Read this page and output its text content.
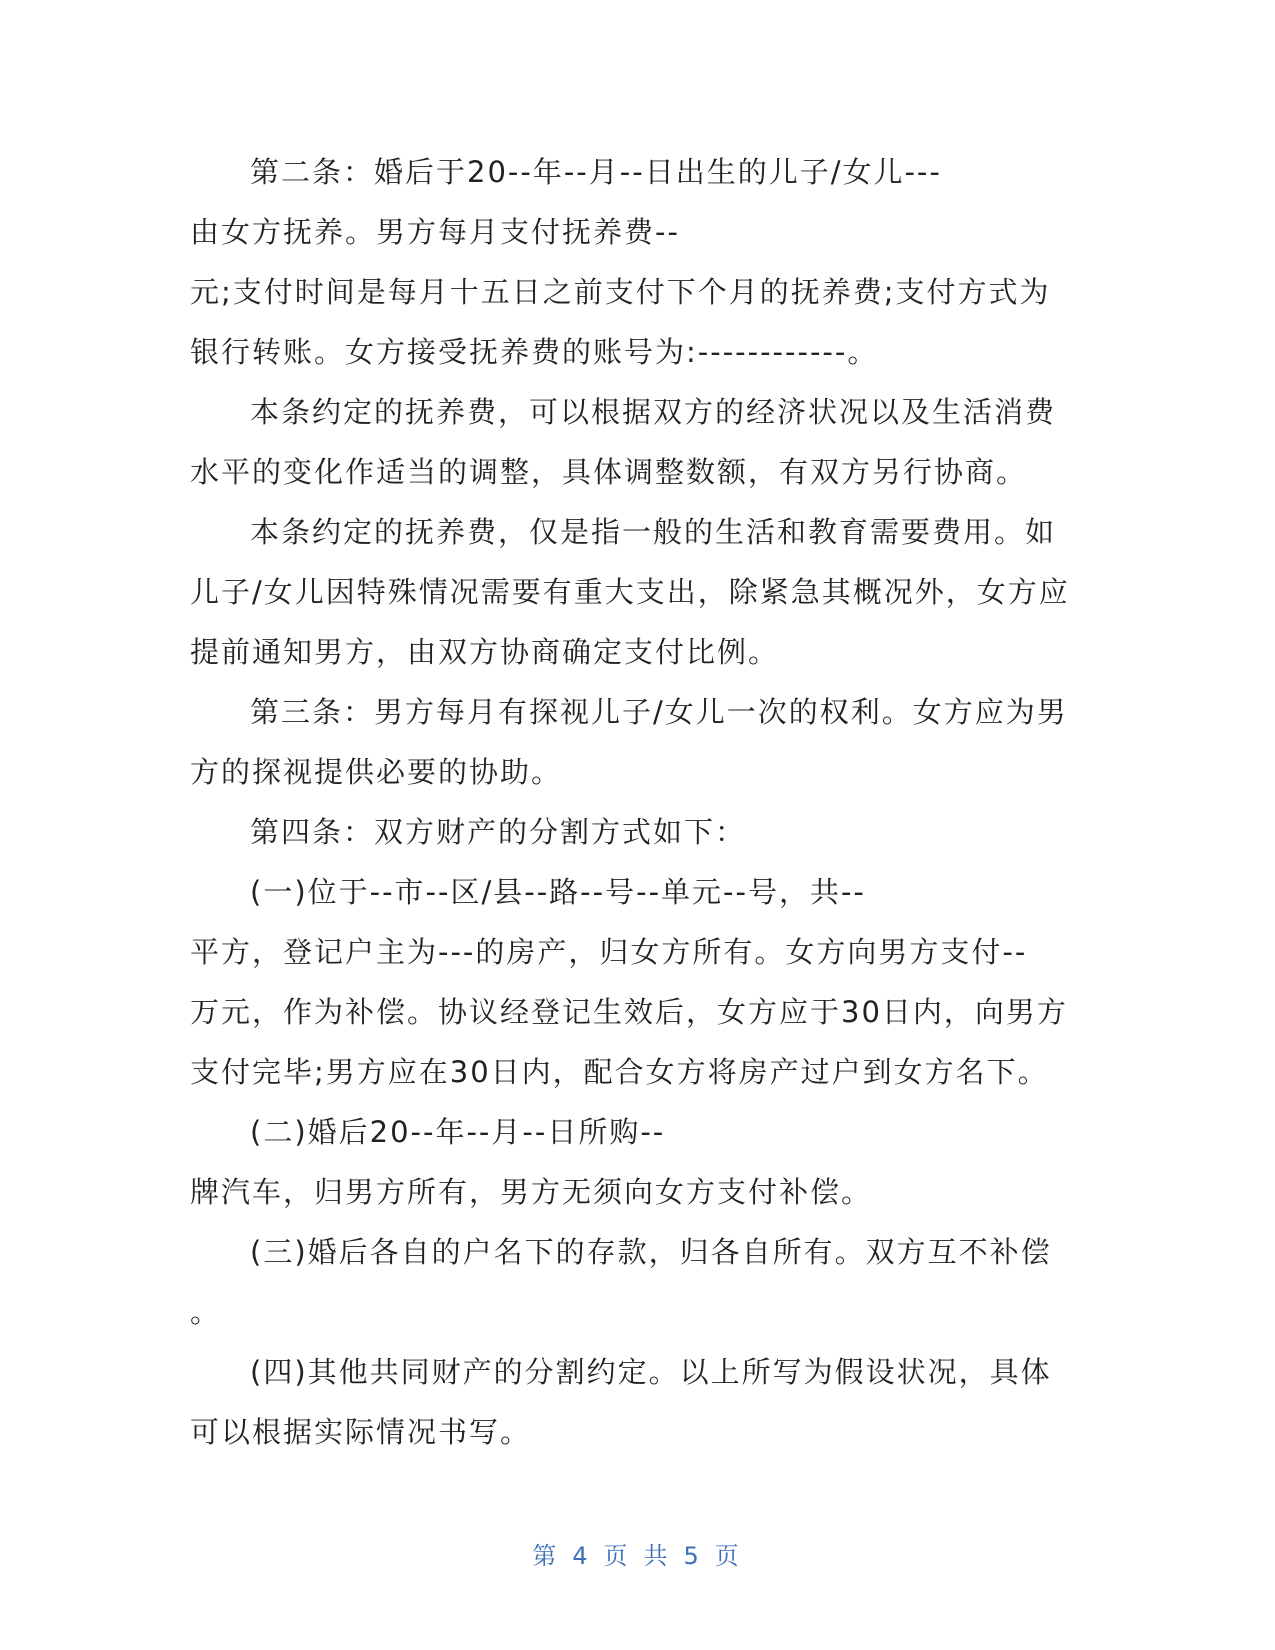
第二条：婚后于20--年--月--日出生的儿子/女儿---
由女方抚养。男方每月支付抚养费--
元;支付时间是每月十五日之前支付下个月的抚养费;支付方式为
银行转账。女方接受抚养费的账号为:------------。

本条约定的抚养费，可以根据双方的经济状况以及生活消费
水平的变化作适当的调整，具体调整数额，有双方另行协商。

本条约定的抚养费，仅是指一般的生活和教育需要费用。如
儿子/女儿因特殊情况需要有重大支出，除紧急其概况外，女方应
提前通知男方，由双方协商确定支付比例。

第三条：男方每月有探视儿子/女儿一次的权利。女方应为男
方的探视提供必要的协助。

第四条：双方财产的分割方式如下：

(一)位于--市--区/县--路--号--单元--号，共--
平方，登记户主为---的房产，归女方所有。女方向男方支付--
万元，作为补偿。协议经登记生效后，女方应于30日内，向男方
支付完毕;男方应在30日内，配合女方将房产过户到女方名下。

(二)婚后20--年--月--日所购--
牌汽车，归男方所有，男方无须向女方支付补偿。

(三)婚后各自的户名下的存款，归各自所有。双方互不补偿
。

(四)其他共同财产的分割约定。以上所写为假设状况，具体
可以根据实际情况书写。

第 4 页 共 5 页
